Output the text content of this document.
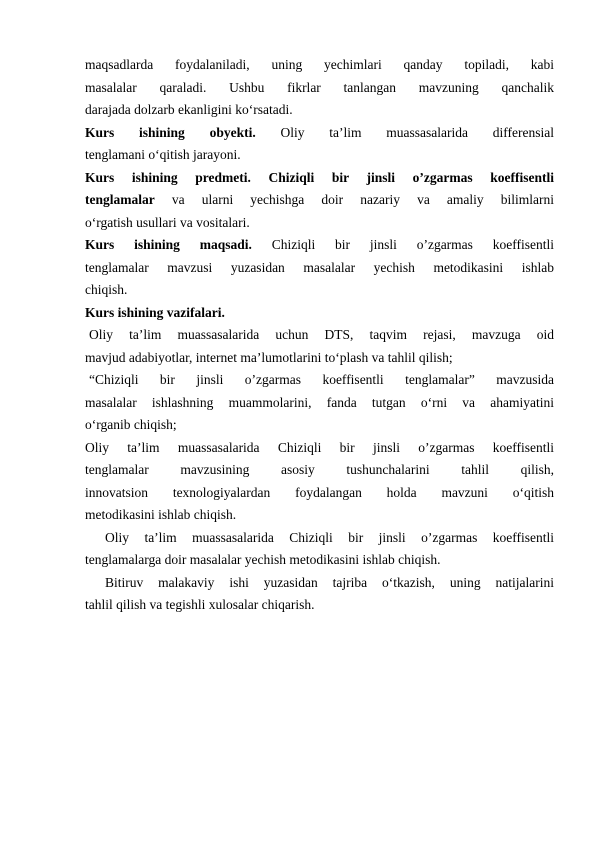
maqsadlarda foydalaniladi, uning yechimlari qanday topiladi, kabi
masalalar qaraladi. Ushbu fikrlar tanlangan mavzuning qanchalik
darajada dolzarb ekanligini ko‘rsatadi.
Kurs ishining obyekti. Oliy ta’lim muassasalarida differensial
tenglamani o‘qitish jarayoni.
Kurs ishining predmeti. Chiziqli bir jinsli o’zgarmas koeffisentli
tenglamalar va ularni yechishga doir nazariy va amaliy bilimlarni
o‘rgatish usullari va vositalari.
Kurs ishining maqsadi. Chiziqli bir jinsli o’zgarmas koeffisentli
tenglamalar mavzusi yuzasidan masalalar yechish metodikasini ishlab
chiqish.
Kurs ishining vazifalari.
Oliy ta’lim muassasalarida uchun DTS, taqvim rejasi, mavzuga oid
mavjud adabiyotlar, internet ma’lumotlarini to‘plash va tahlil qilish;
“Chiziqli bir jinsli o’zgarmas koeffisentli tenglamalar” mavzusida
masalalar ishlashning muammolarini, fanda tutgan o‘rni va ahamiyatini
o‘rganib chiqish;
Oliy ta’lim muassasalarida Chiziqli bir jinsli o’zgarmas koeffisentli
tenglamalar mavzusining asosiy tushunchalarini tahlil qilish,
innovatsion texnologiyalardan foydalangan holda mavzuni o‘qitish
metodikasini ishlab chiqish.
Oliy ta’lim muassasalarida Chiziqli bir jinsli o’zgarmas koeffisentli
tenglamalarga doir masalalar yechish metodikasini ishlab chiqish.
Bitiruv malakaviy ishi yuzasidan tajriba o‘tkazish, uning natijalarini
tahlil qilish va tegishli xulosalar chiqarish.
